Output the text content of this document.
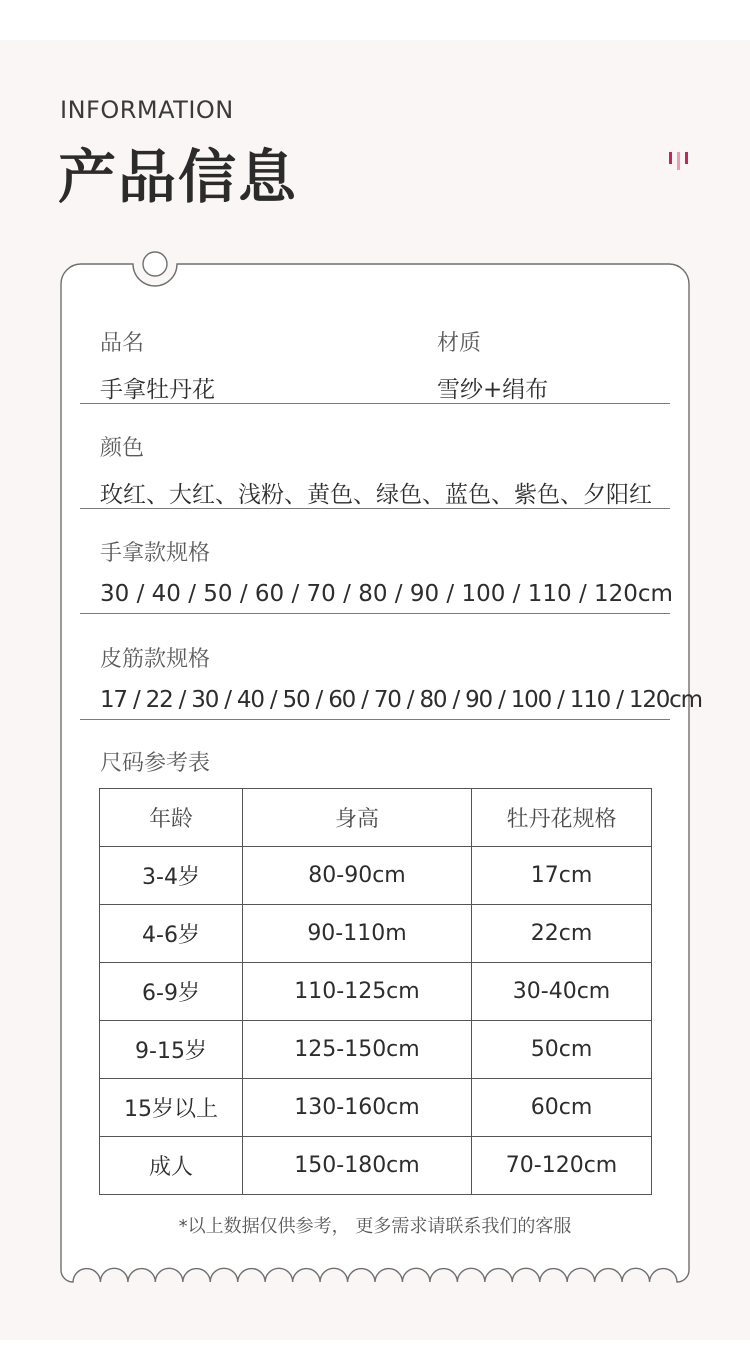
INFORMATION
产品信息
品名
手拿牡丹花
材质
雪纱+绢布
颜色
玫红、大红、浅粉、黄色、绿色、蓝色、紫色、夕阳红
手拿款规格
30 / 40 / 50 / 60 / 70 / 80 / 90 / 100 / 110 / 120cm
皮筋款规格
17 / 22 / 30 / 40 / 50 / 60 / 70 / 80 / 90 / 100 / 110 / 120cm
尺码参考表
年龄	身高	牡丹花规格
3-4岁	80-90cm	17cm
4-6岁	90-110m	22cm
6-9岁	110-125cm	30-40cm
9-15岁	125-150cm	50cm
15岁以上	130-160cm	60cm
成人	150-180cm	70-120cm
*以上数据仅供参考， 更多需求请联系我们的客服
